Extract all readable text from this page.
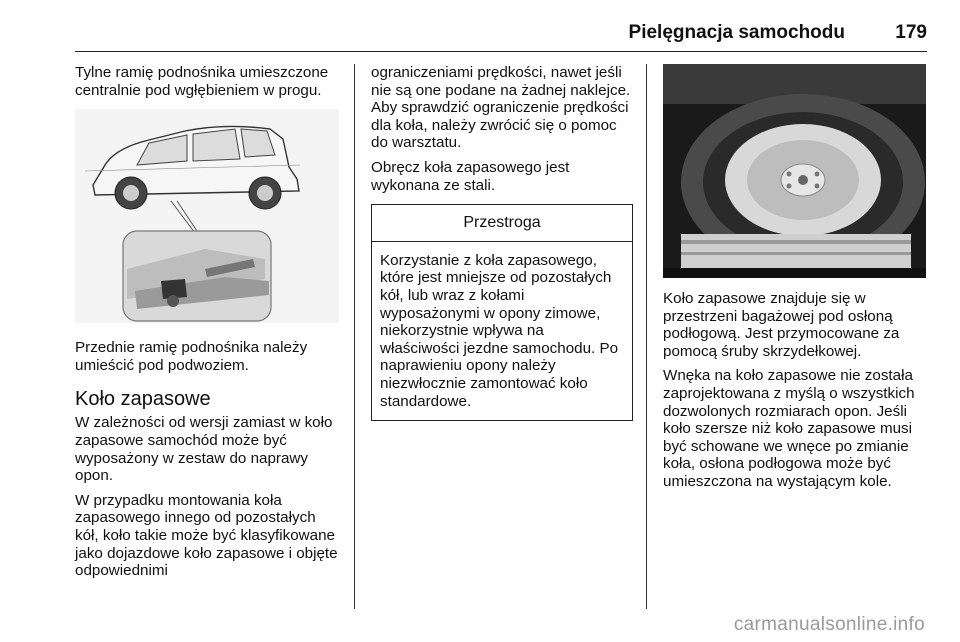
Pielęgnacja samochodu	179

Tylne ramię podnośnika umieszczone centralnie pod wgłębieniem w progu.

Przednie ramię podnośnika należy umieścić pod podwoziem.

Koło zapasowe

W zależności od wersji zamiast w koło zapasowe samochód może być wyposażony w zestaw do naprawy opon.

W przypadku montowania koła zapasowego innego od pozostałych kół, koło takie może być klasyfikowane jako dojazdowe koło zapasowe i objęte odpowiednimi

ograniczeniami prędkości, nawet jeśli nie są one podane na żadnej naklejce. Aby sprawdzić ograniczenie prędkości dla koła, należy zwrócić się o pomoc do warsztatu.

Obręcz koła zapasowego jest wykonana ze stali.

Przestroga
Korzystanie z koła zapasowego, które jest mniejsze od pozostałych kół, lub wraz z kołami wyposażonymi w opony zimowe, niekorzystnie wpływa na właściwości jezdne samochodu. Po naprawieniu opony należy niezwłocznie zamontować koło standardowe.

Koło zapasowe znajduje się w przestrzeni bagażowej pod osłoną podłogową. Jest przymocowane za pomocą śruby skrzydełkowej.

Wnęka na koło zapasowe nie została zaprojektowana z myślą o wszystkich dozwolonych rozmiarach opon. Jeśli koło szersze niż koło zapasowe musi być schowane we wnęce po zmianie koła, osłona podłogowa może być umieszczona na wystającym kole.

carmanualsonline.info
